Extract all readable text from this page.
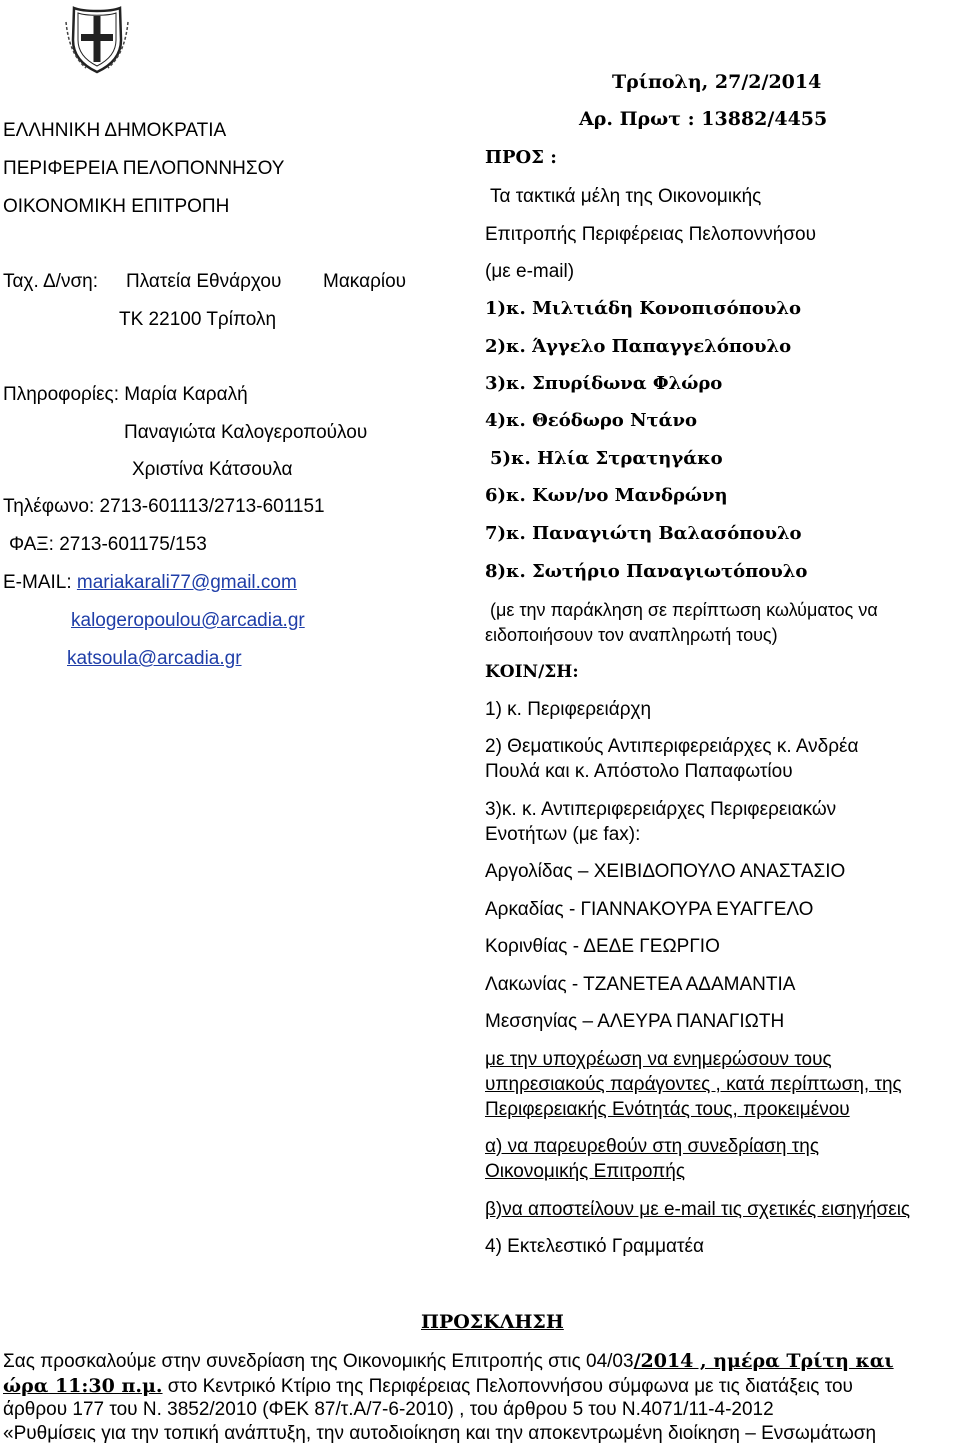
ΕΛΛΗΝΙΚΗ ΔΗΜΟΚΡΑΤΙΑ
ΠΕΡΙΦΕΡΕΙΑ ΠΕΛΟΠΟΝΝΗΣΟΥ
ΟΙΚΟΝΟΜΙΚΗ ΕΠΙΤΡΟΠΗ
Ταχ. Δ/νση: Πλατεία Εθνάρχου Μακαρίου
ΤΚ 22100 Τρίπολη
Πληροφορίες: Μαρία Καραλή
Παναγιώτα Καλογεροπούλου
Χριστίνα Κάτσουλα
Τηλέφωνο: 2713-601113/2713-601151
ΦΑΞ: 2713-601175/153
E-MAIL: mariakarali77@gmail.com
kalogeropoulou@arcadia.gr
katsoula@arcadia.gr
Τρίπολη, 27/2/2014
Αρ. Πρωτ : 13882/4455
ΠΡΟΣ :
Τα τακτικά μέλη της Οικονομικής
Επιτροπής Περιφέρειας Πελοποννήσου
(με e-mail)
1)κ. Μιλτιάδη Κονοπισόπουλο
2)κ. Άγγελο Παπαγγελόπουλο
3)κ. Σπυρίδωνα Φλώρο
4)κ. Θεόδωρο Ντάνο
5)κ. Ηλία Στρατηγάκο
6)κ. Κων/νο Μανδρώνη
7)κ. Παναγιώτη Βαλασόπουλο
8)κ. Σωτήριο Παναγιωτόπουλο
(με την παράκληση σε περίπτωση κωλύματος να
ειδοποιήσουν τον αναπληρωτή τους)
ΚΟΙΝ/ΣΗ:
1) κ. Περιφερειάρχη
2) Θεματικούς Αντιπεριφερειάρχες κ. Ανδρέα
Πουλά και κ. Απόστολο Παπαφωτίου
3)κ. κ. Αντιπεριφερειάρχες Περιφερειακών
Ενοτήτων (με fax):
Αργολίδας – ΧΕΙΒΙΔΟΠΟΥΛΟ ΑΝΑΣΤΑΣΙΟ
Αρκαδίας - ΓΙΑΝΝΑΚΟΥΡΑ ΕΥΑΓΓΕΛΟ
Κορινθίας - ΔΕΔΕ ΓΕΩΡΓΙΟ
Λακωνίας - ΤΖΑΝΕΤΕΑ ΑΔΑΜΑΝΤΙΑ
Μεσσηνίας – ΑΛΕΥΡΑ ΠΑΝΑΓΙΩΤΗ
με την υποχρέωση να ενημερώσουν τους
υπηρεσιακούς παράγοντες , κατά περίπτωση, της
Περιφερειακής Ενότητάς τους, προκειμένου
α) να παρευρεθούν στη συνεδρίαση της
Οικονομικής Επιτροπής
β)να αποστείλουν με e-mail τις σχετικές εισηγήσεις
4) Εκτελεστικό Γραμματέα
ΠΡΟΣΚΛΗΣΗ
Σας προσκαλούμε στην συνεδρίαση της Οικονομικής Επιτροπής στις 04/03/2014 , ημέρα Τρίτη και
ώρα 11:30 π.μ. στο Κεντρικό Κτίριο της Περιφέρειας Πελοποννήσου σύμφωνα με τις διατάξεις του
άρθρου 177 του Ν. 3852/2010 (ΦΕΚ 87/τ.Α/7-6-2010) , του άρθρου 5 του Ν.4071/11-4-2012
«Ρυθμίσεις για την τοπική ανάπτυξη, την αυτοδιοίκηση και την αποκεντρωμένη διοίκηση – Ενσωμάτωση
